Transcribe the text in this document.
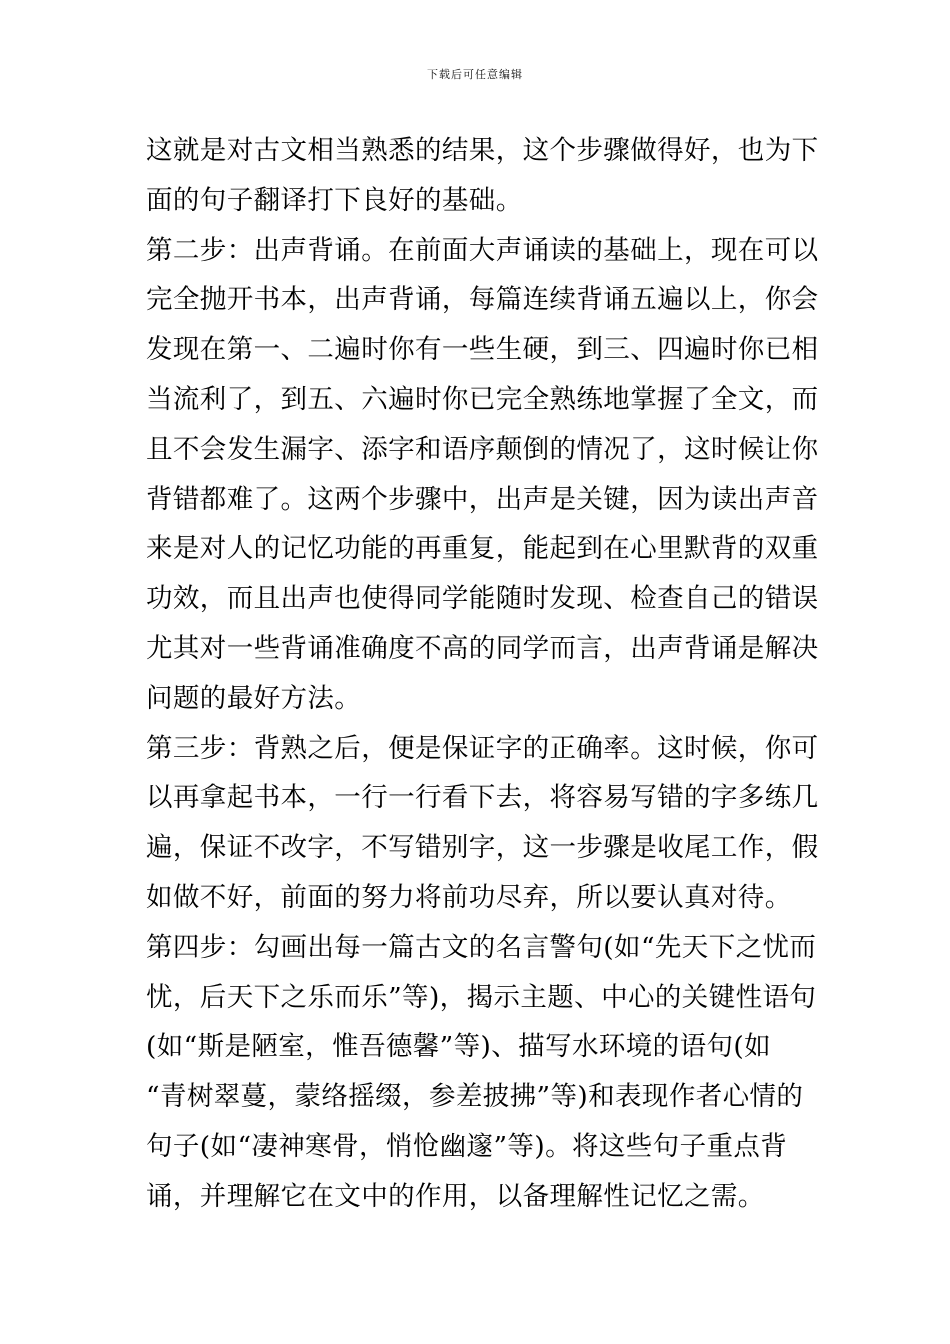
下载后可任意编辑
这就是对古文相当熟悉的结果，这个步骤做得好，也为下
面的句子翻译打下良好的基础。
第二步：出声背诵。在前面大声诵读的基础上，现在可以
完全抛开书本，出声背诵，每篇连续背诵五遍以上，你会
发现在第一、二遍时你有一些生硬，到三、四遍时你已相
当流利了，到五、六遍时你已完全熟练地掌握了全文，而
且不会发生漏字、添字和语序颠倒的情况了，这时候让你
背错都难了。这两个步骤中，出声是关键，因为读出声音
来是对人的记忆功能的再重复，能起到在心里默背的双重
功效，而且出声也使得同学能随时发现、检查自己的错误
尤其对一些背诵准确度不高的同学而言，出声背诵是解决
问题的最好方法。
第三步：背熟之后，便是保证字的正确率。这时候，你可
以再拿起书本，一行一行看下去，将容易写错的字多练几
遍，保证不改字，不写错别字，这一步骤是收尾工作，假
如做不好，前面的努力将前功尽弃，所以要认真对待。
第四步：勾画出每一篇古文的名言警句(如“先天下之忧而
忧，后天下之乐而乐”等)，揭示主题、中心的关键性语句
(如“斯是陋室，惟吾德馨”等)、描写水环境的语句(如
“青树翠蔓，蒙络摇缀，参差披拂”等)和表现作者心情的
句子(如“凄神寒骨，悄怆幽邃”等)。将这些句子重点背
诵，并理解它在文中的作用，以备理解性记忆之需。
